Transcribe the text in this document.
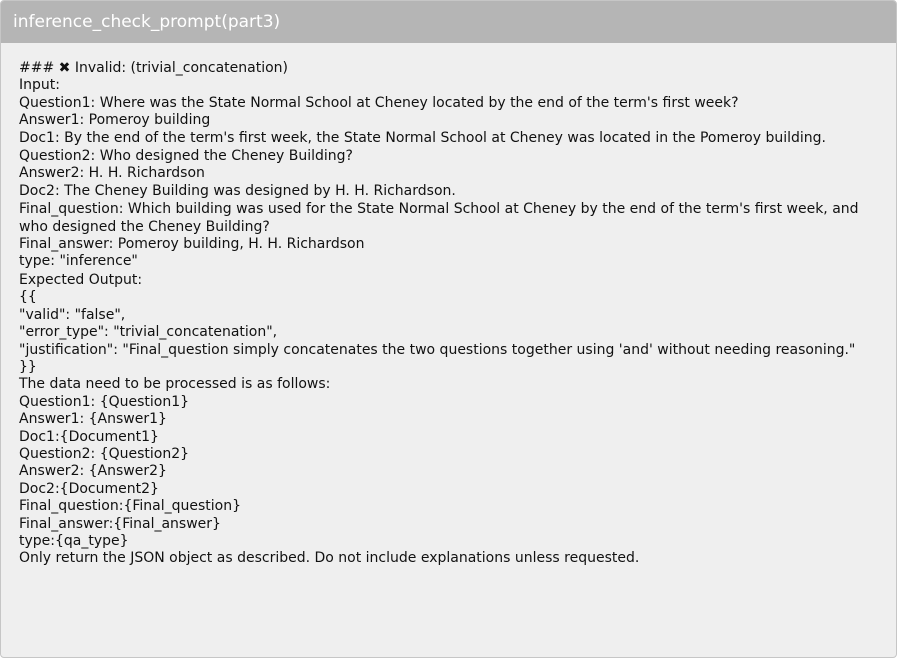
inference_check_prompt(part3)
### ✖ Invalid: (trivial_concatenation)
Input:
Question1: Where was the State Normal School at Cheney located by the end of the term's first week?
Answer1: Pomeroy building
Doc1: By the end of the term's first week, the State Normal School at Cheney was located in the Pomeroy building.
Question2: Who designed the Cheney Building?
Answer2: H. H. Richardson
Doc2: The Cheney Building was designed by H. H. Richardson.
Final_question: Which building was used for the State Normal School at Cheney by the end of the term's first week, and who designed the Cheney Building?
Final_answer: Pomeroy building, H. H. Richardson
type: "inference"
Expected Output:
{{
"valid": "false",
"error_type": "trivial_concatenation",
"justification": "Final_question simply concatenates the two questions together using 'and' without needing reasoning."
}}
The data need to be processed is as follows:
Question1: {Question1}
Answer1: {Answer1}
Doc1:{Document1}
Question2: {Question2}
Answer2: {Answer2}
Doc2:{Document2}
Final_question:{Final_question}
Final_answer:{Final_answer}
type:{qa_type}
Only return the JSON object as described. Do not include explanations unless requested.
